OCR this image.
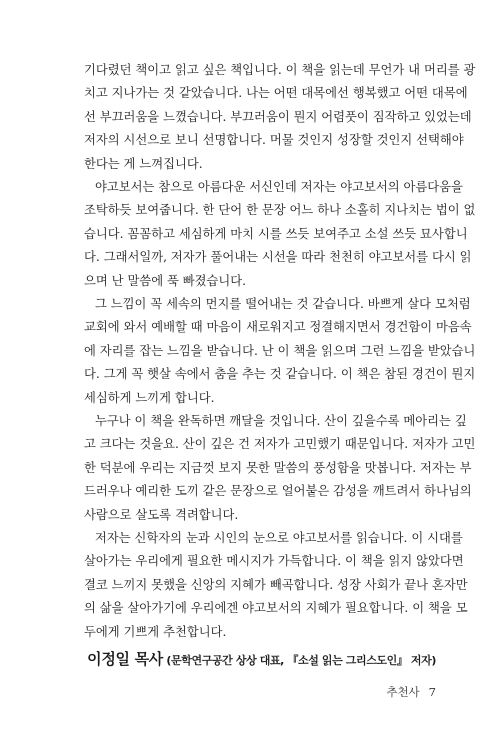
기다렸던 책이고 읽고 싶은 책입니다. 이 책을 읽는데 무언가 내 머리를 광
치고 지나가는 것 같았습니다. 나는 어떤 대목에선 행복했고 어떤 대목에
선 부끄러움을 느꼈습니다. 부끄러움이 뭔지 어렴풋이 짐작하고 있었는데
저자의 시선으로 보니 선명합니다. 머물 것인지 성장할 것인지 선택해야
한다는 게 느껴집니다.
야고보서는 참으로 아름다운 서신인데 저자는 야고보서의 아름다움을
조탁하듯 보여줍니다. 한 단어 한 문장 어느 하나 소홀히 지나치는 법이 없
습니다. 꼼꼼하고 세심하게 마치 시를 쓰듯 보여주고 소설 쓰듯 묘사합니
다. 그래서일까, 저자가 풀어내는 시선을 따라 천천히 야고보서를 다시 읽
으며 난 말씀에 푹 빠졌습니다.
그 느낌이 꼭 세속의 먼지를 떨어내는 것 같습니다. 바쁘게 살다 모처럼
교회에 와서 예배할 때 마음이 새로워지고 정결해지면서 경건함이 마음속
에 자리를 잡는 느낌을 받습니다. 난 이 책을 읽으며 그런 느낌을 받았습니
다. 그게 꼭 햇살 속에서 춤을 추는 것 같습니다. 이 책은 참된 경건이 뭔지
세심하게 느끼게 합니다.
누구나 이 책을 완독하면 깨달을 것입니다. 산이 깊을수록 메아리는 깊
고 크다는 것을요. 산이 깊은 건 저자가 고민했기 때문입니다. 저자가 고민
한 덕분에 우리는 지금껏 보지 못한 말씀의 풍성함을 맛봅니다. 저자는 부
드러우나 예리한 도끼 같은 문장으로 얼어붙은 감성을 깨트려서 하나님의
사람으로 살도록 격려합니다.
저자는 신학자의 눈과 시인의 눈으로 야고보서를 읽습니다. 이 시대를
살아가는 우리에게 필요한 메시지가 가득합니다. 이 책을 읽지 않았다면
결코 느끼지 못했을 신앙의 지혜가 빼곡합니다. 성장 사회가 끝나 혼자만
의 삶을 살아가기에 우리에겐 야고보서의 지혜가 필요합니다. 이 책을 모
두에게 기쁘게 추천합니다.
이정일 목사 (문학연구공간 상상 대표, 『소설 읽는 그리스도인』 저자)
추천사 7
